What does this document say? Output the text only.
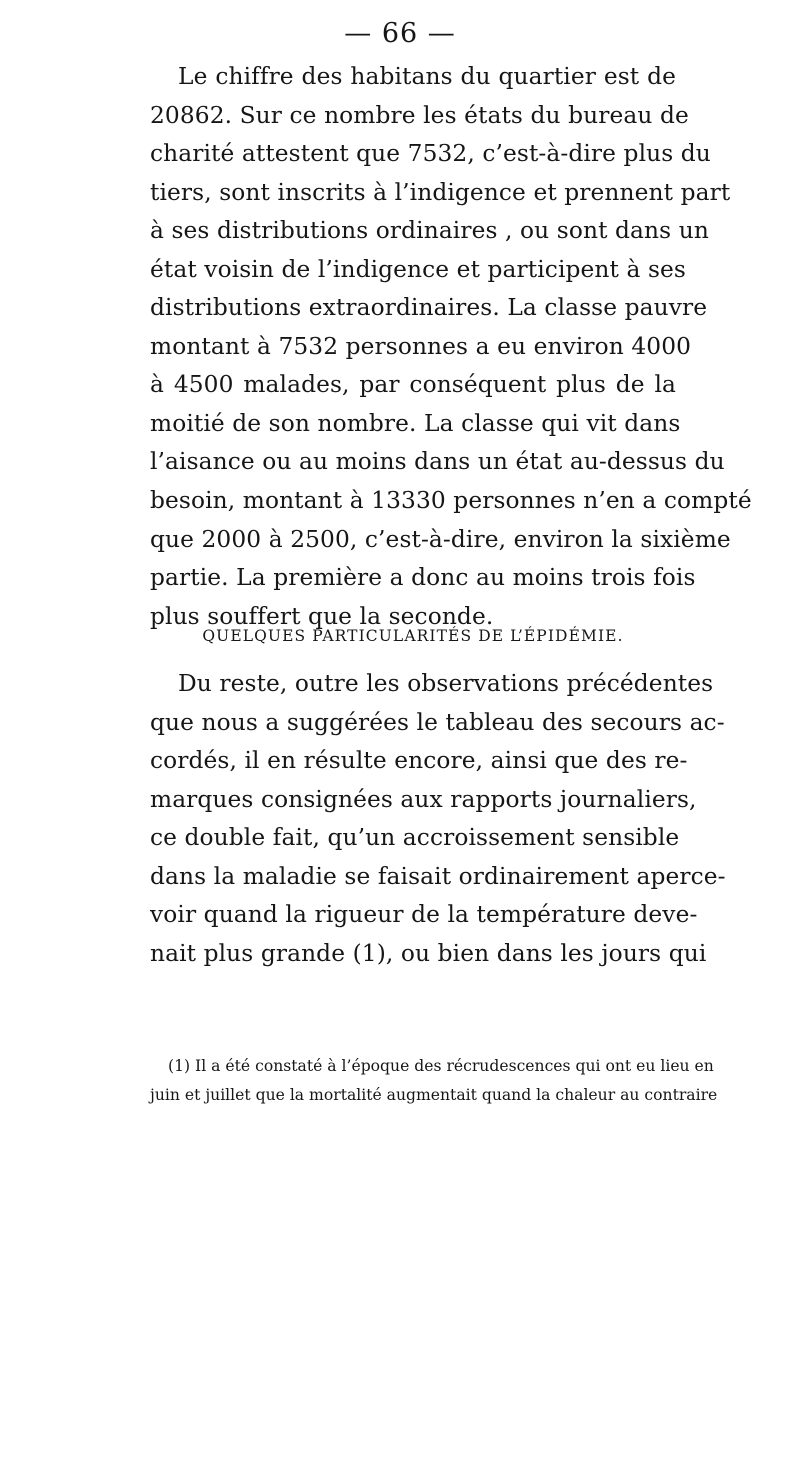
— 66 —
Le chiffre des habitans du quartier est de
20862. Sur ce nombre les états du bureau de
charité attestent que 7532, c’est-à-dire plus du
tiers, sont inscrits à l’indigence et prennent part
à ses distributions ordinaires , ou sont dans un
état voisin de l’indigence et participent à ses
distributions extraordinaires. La classe pauvre
montant à 7532 personnes a eu environ 4000
à 4500 malades, par conséquent plus de la
moitié de son nombre. La classe qui vit dans
l’aisance ou au moins dans un état au-dessus du
besoin, montant à 13330 personnes n’en a compté
que 2000 à 2500, c’est-à-dire, environ la sixième
partie. La première a donc au moins trois fois
plus souffert que la seconde.
QUELQUES PARTICULARITÉS DE L’ÉPIDÉMIE.
Du reste, outre les observations précédentes
que nous a suggérées le tableau des secours ac-
cordés, il en résulte encore, ainsi que des re-
marques consignées aux rapports journaliers,
ce double fait, qu’un accroissement sensible
dans la maladie se faisait ordinairement aperce-
voir quand la rigueur de la température deve-
nait plus grande (1), ou bien dans les jours qui
(1) Il a été constaté à l’époque des récrudescences qui ont eu lieu en
juin et juillet que la mortalité augmentait quand la chaleur au contraire
